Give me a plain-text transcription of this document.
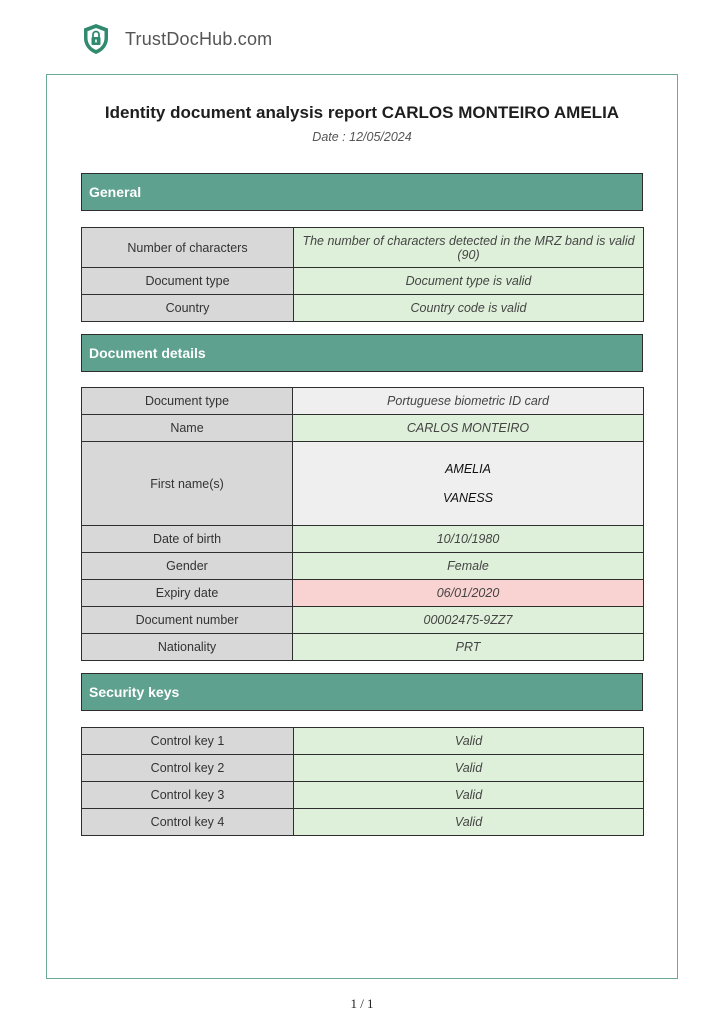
TrustDocHub.com
Identity document analysis report CARLOS MONTEIRO AMELIA
Date : 12/05/2024
General
Number of characters	The number of characters detected in the MRZ band is valid (90)
Document type	Document type is valid
Country	Country code is valid
Document details
Document type	Portuguese biometric ID card
Name	CARLOS MONTEIRO
First name(s)	AMELIA
VANESS

Date of birth	10/10/1980
Gender	Female
Expiry date	06/01/2020
Document number	00002475-9ZZ7
Nationality	PRT
Security keys
Control key 1	Valid
Control key 2	Valid
Control key 3	Valid
Control key 4	Valid
1 / 1
